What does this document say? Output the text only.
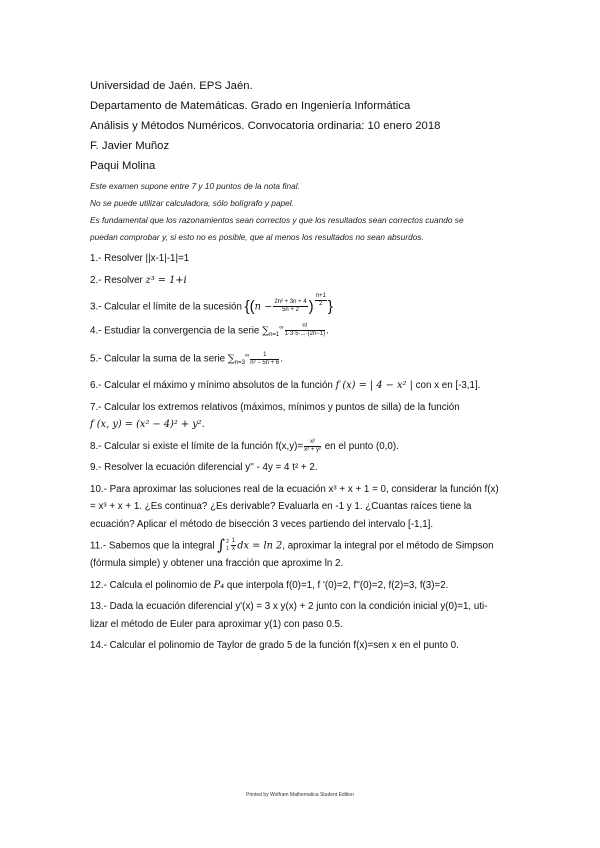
Universidad de Jaén. EPS Jaén.
Departamento de Matemáticas. Grado en Ingeniería Informática
Análisis y Métodos Numéricos. Convocatoria ordinaria: 10 enero 2018
F. Javier Muñoz
Paqui Molina
Este examen supone entre 7 y 10 puntos de la nota final.
No se puede utilizar calculadora, sólo bolígrafo y papel.
Es fundamental que los razonamientos sean correctos y que los resultados sean correctos cuando se
puedan comprobar y, si esto no es posible, que al menos los resultados no sean absurdos.
1.- Resolver ||x-1|-1|=1
2.- Resolver z³ = 1+i
3.- Calcular el límite de la sucesión {($n - \frac{\text{2n² + 3n + 4}}{5n + 2}$ ) $\frac{n+1}{2}$ }
4.- Estudiar la convergencia de la serie $\sum_{n=1}^\infty \frac{n!}{1\cdot 3\cdot 5\cdot...\cdot(2n-1)}$ .
5.- Calcular la suma de la serie $\sum_{n=3}^\infty \frac{1}{\text{n² − 5n + 6}}$ .
6.- Calcular el máximo y mínimo absolutos de la función f (x) = | 4 − x² | con x en [-3,1].
7.- Calcular los extremos relativos (máximos, mínimos y puntos de silla) de la función
f (x, y) = (x² − 4)² + y².
8.- Calcular si existe el límite de la función $f(x,y)= \frac{\text{x²}}{\text{x² + y²}}$ en el punto (0,0).
9.- Resolver la ecuación diferencial y'' - 4y = 4 t² + 2.
10.- Para aproximar las soluciones real de la ecuación x³ + x + 1 = 0, considerar la función f(x)
= x³ + x + 1. ¿Es continua? ¿Es derivable? Evaluarla en -1 y 1. ¿Cuantas raíces tiene la
ecuación? Aplicar el método de bisección 3 veces partiendo del intervalo [-1,1].
11.- Sabemos que la integral ∫ 2
$1 \frac{1}{x}$ dx = ln 2, aproximar la integral por el método de Simpson
(fórmula simple) y obtener una fracción que aproxime ln 2.
12.- Calcula el polinomio de P₄ que interpola f(0)=1, f '(0)=2, f''(0)=2, f(2)=3, f(3)=2.
13.- Dada la ecuación diferencial y'(x) = 3 x y(x) + 2 junto con la condición inicial y(0)=1, uti-
lizar el método de Euler para aproximar y(1) con paso 0.5.
14.- Calcular el polinomio de Taylor de grado 5 de la función f(x)=sen x en el punto 0.
Printed by Wolfram Mathematica Student Edition
